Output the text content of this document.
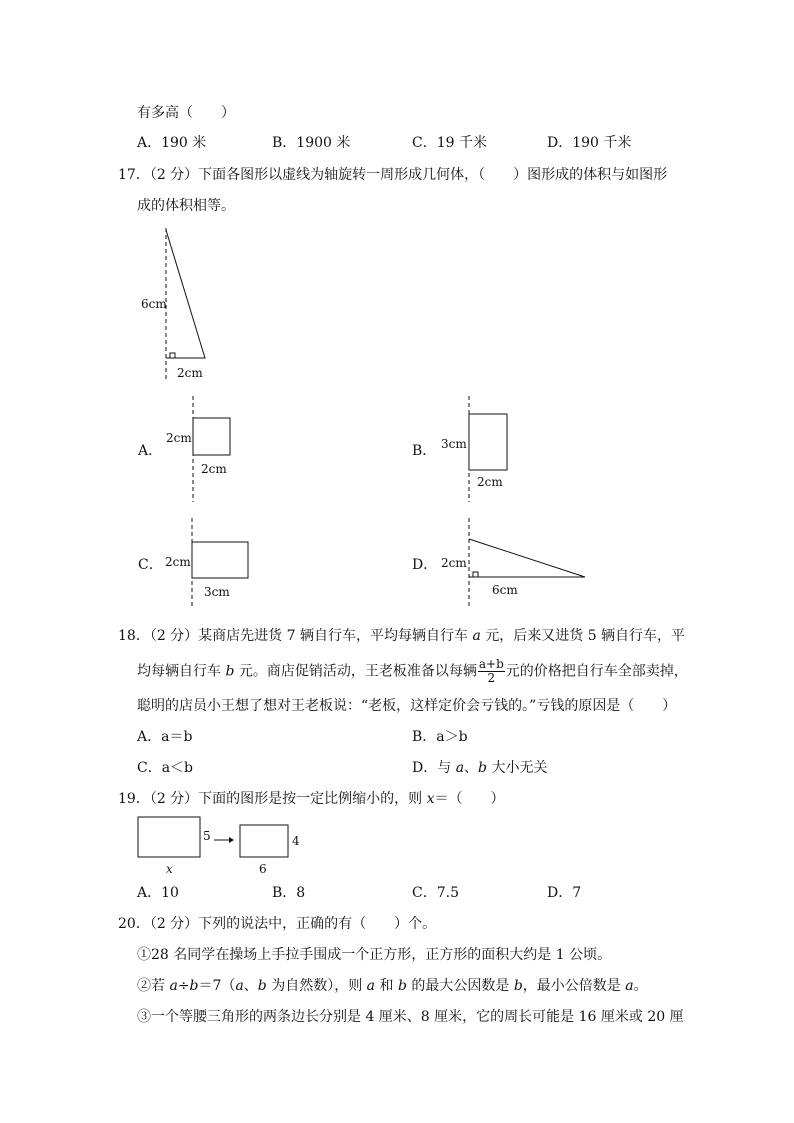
有多高（　　）
A．190 米	B．1900 米	C．19 千米	D．190 千米
17．（2 分）下面各图形以虚线为轴旋转一周形成几何体，（　　）图形成的体积与如图形
成的体积相等。
6cm
2cm
A．
2cm
2cm
B． 3cm
2cm
C． 2cm
3cm
D． 2cm
6cm
18．（2 分）某商店先进货 7 辆自行车，平均每辆自行车 a 元，后来又进货 5 辆自行车，平
均每辆自行车 b 元。商店促销活动，王老板准备以每辆 $\frac{a+b}{2}$ 元的价格把自行车全部卖掉，
聪明的店员小王想了想对王老板说：“老板，这样定价会亏钱的。”亏钱的原因是（　　）
A．a＝b	B．a＞b
C．a＜b	D．与 a、b 大小无关
19．（2 分）下面的图形是按一定比例缩小的，则 x＝（　　）
5
x
4
6
A．10	B．8	C．7.5	D．7
20．（2 分）下列的说法中，正确的有（　　）个。
①28 名同学在操场上手拉手围成一个正方形，正方形的面积大约是 1 公顷。
②若 a÷b＝7（a、b 为自然数），则 a 和 b 的最大公因数是 b，最小公倍数是 a。
③一个等腰三角形的两条边长分别是 4 厘米、8 厘米，它的周长可能是 16 厘米或 20 厘
